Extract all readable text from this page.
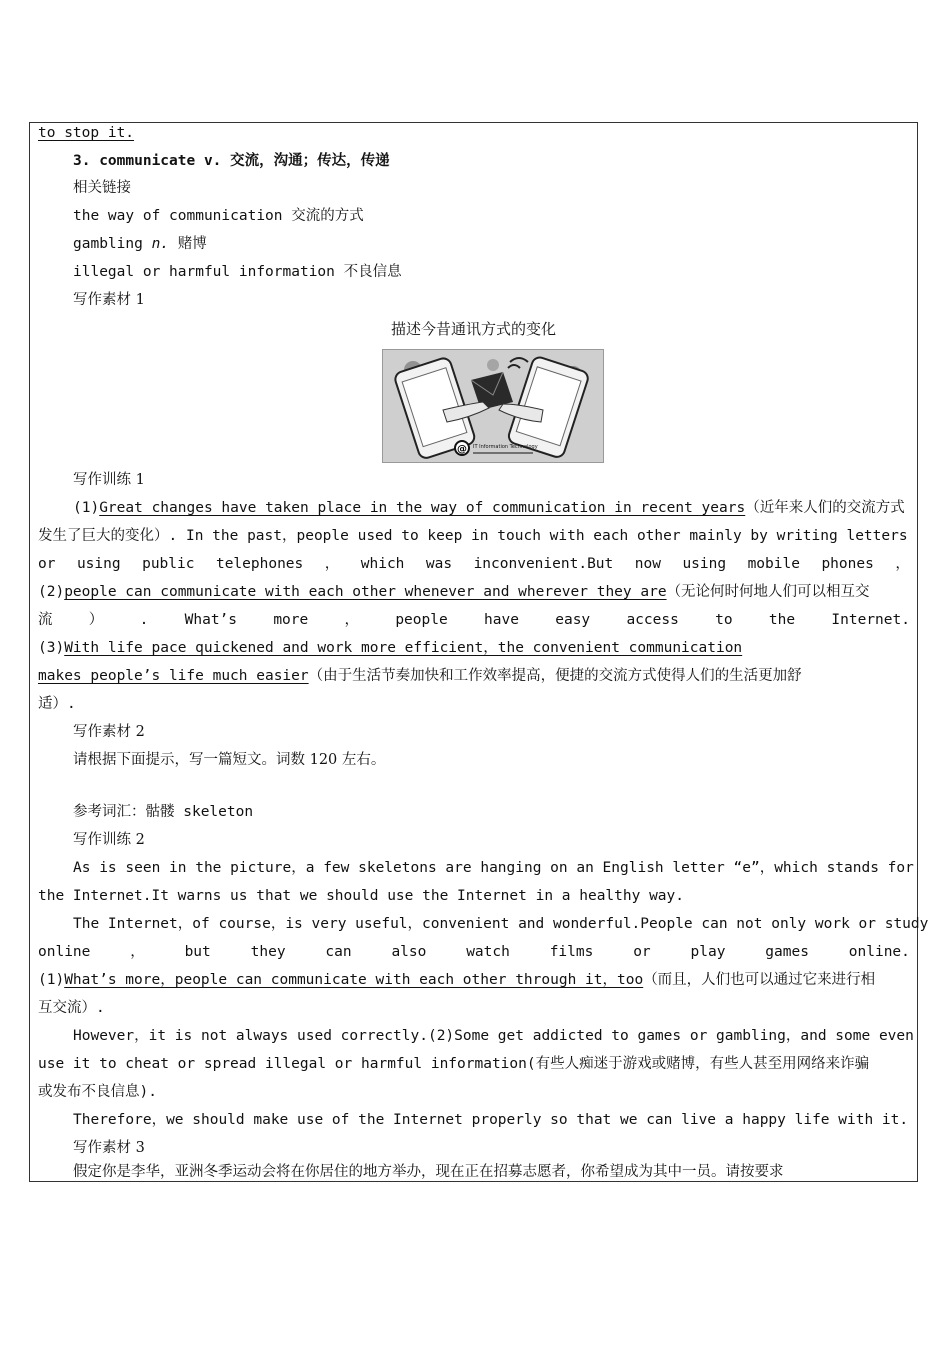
to stop it.
3. communicate v. 交流，沟通；传达，传递
相关链接
the way of communication 交流的方式
gambling n. 赌博
illegal or harmful information 不良信息
写作素材 1
描述今昔通讯方式的变化
@ IT Information Technology
写作训练 1
(1)Great changes have taken place in the way of communication in recent years（近年来人们的交流方式
发生了巨大的变化）. In the past，people used to keep in touch with each other mainly by writing letters
or using public telephones ， which was inconvenient.But now using mobile phones ，
(2)people can communicate with each other whenever and wherever they are（无论何时何地人们可以相互交
流	）	.	What’s	more	，	people	have	easy	access	to	the	Internet.
(3)With life pace quickened and work more efficient，the convenient communication
makes people’s life much easier（由于生活节奏加快和工作效率提高，便捷的交流方式使得人们的生活更加舒
适）.
写作素材 2
请根据下面提示，写一篇短文。词数 120 左右。
参考词汇：骷髅 skeleton
写作训练 2
As is seen in the picture，a few skeletons are hanging on an English letter “e”，which stands for
the Internet.It warns us that we should use the Internet in a healthy way.
The Internet，of course，is very useful，convenient and wonderful.People can not only work or study
online	，	but	they	can	also	watch	films	or	play	games	online.
(1)What’s more，people can communicate with each other through it，too（而且，人们也可以通过它来进行相
互交流）.
However，it is not always used correctly.(2)Some get addicted to games or gambling，and some even
use it to cheat or spread illegal or harmful information(有些人痴迷于游戏或赌博，有些人甚至用网络来诈骗
或发布不良信息).
Therefore，we should make use of the Internet properly so that we can live a happy life with it.
写作素材 3
假定你是李华，亚洲冬季运动会将在你居住的地方举办，现在正在招募志愿者，你希望成为其中一员。请按要求
